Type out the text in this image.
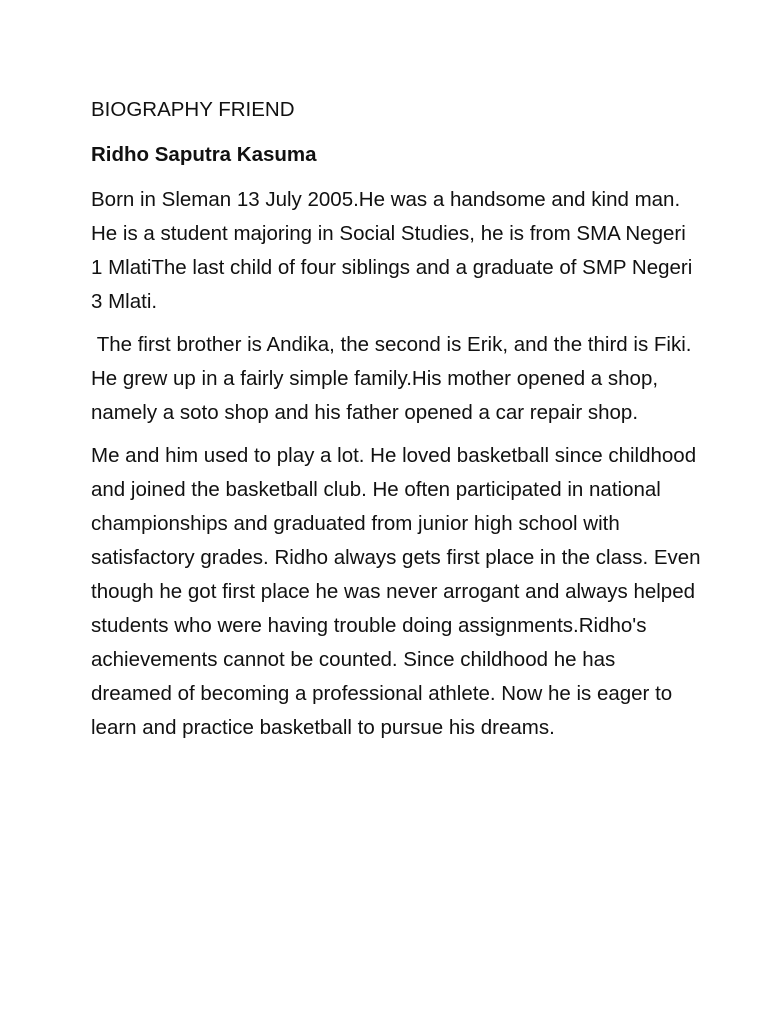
BIOGRAPHY FRIEND
Ridho Saputra Kasuma

Born in Sleman 13 July 2005.He was a handsome and kind man. He is a student majoring in Social Studies, he is from SMA Negeri 1 MlatiThe last child of four siblings and a graduate of SMP Negeri 3 Mlati.

The first brother is Andika, the second is Erik, and the third is Fiki. He grew up in a fairly simple family.His mother opened a shop, namely a soto shop and his father opened a car repair shop.

Me and him used to play a lot. He loved basketball since childhood and joined the basketball club. He often participated in national championships and graduated from junior high school with satisfactory grades. Ridho always gets first place in the class. Even though he got first place he was never arrogant and always helped students who were having trouble doing assignments.Ridho's achievements cannot be counted. Since childhood he has dreamed of becoming a professional athlete. Now he is eager to learn and practice basketball to pursue his dreams.
